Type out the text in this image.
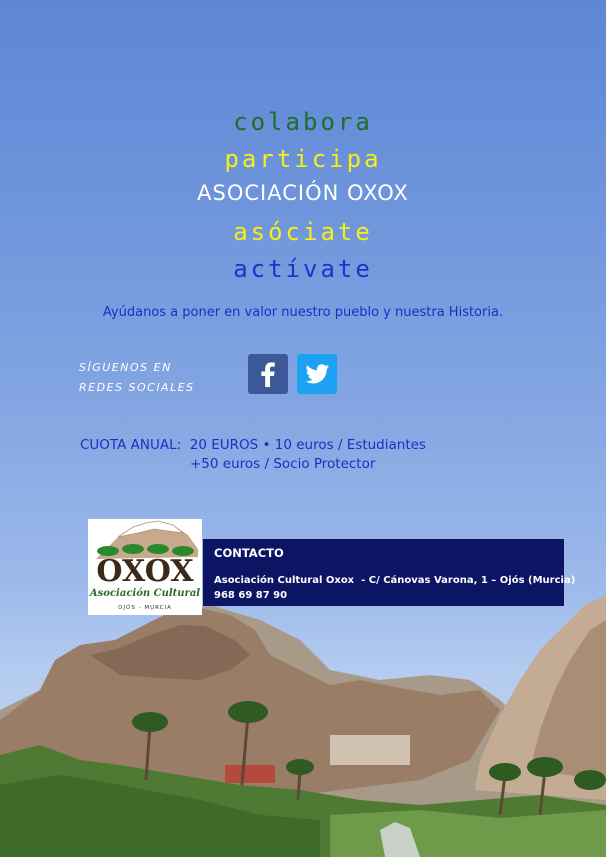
colabora
participa
ASOCIACIÓN OXOX
asóciate
actívate
Ayúdanos a poner en valor nuestro pueblo y nuestra Historia.
SÍGUENOS EN
REDES SOCIALES
CUOTA ANUAL:  20 EUROS • 10 euros / Estudiantes
+50 euros / Socio Protector
OXOX
Asociación Cultural
OJÓS - MURCIA
CONTACTO
Asociación Cultural Oxox  - C/ Cánovas Varona, 1 – Ojós (Murcia)
968 69 87 90
